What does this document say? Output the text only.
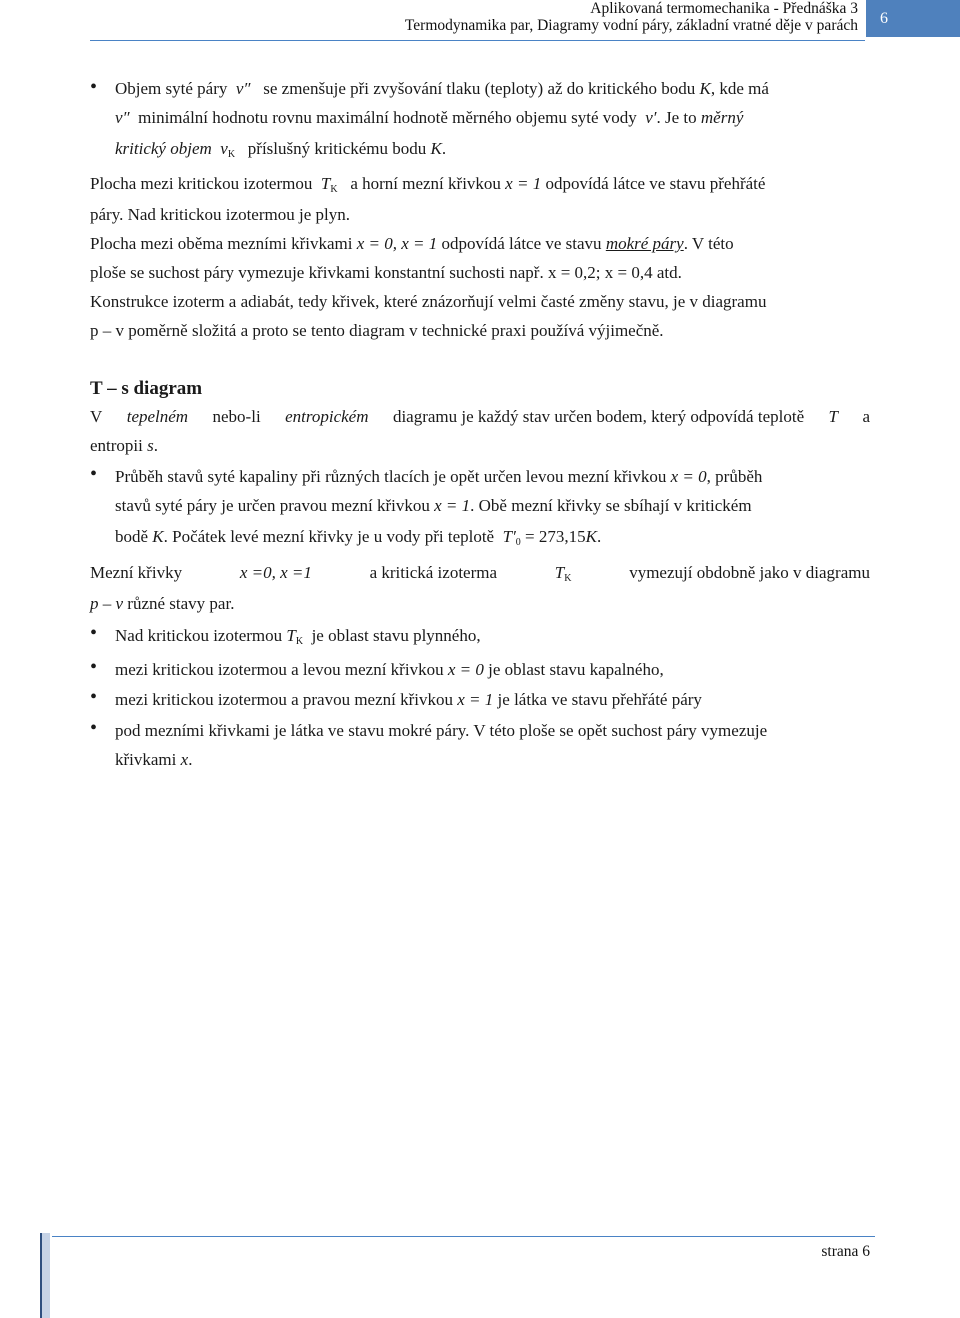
Aplikovaná termomechanika - Přednáška 3
Termodynamika par, Diagramy vodní páry, základní vratné děje v parách	6
• Objem syté páry v″ se zmenšuje při zvyšování tlaku (teploty) až do kritického bodu K, kde má
v″ minimální hodnotu rovnu maximální hodnotě měrného objemu syté vody v′. Je to měrný
kritický objem $v_K$ příslušný kritickému bodu K.
Plocha mezi kritickou izotermou $T_K$ a horní mezní křivkou x = 1 odpovídá látce ve stavu přehřáté
páry. Nad kritickou izotermou je plyn.
Plocha mezi oběma mezními křivkami x = 0, x = 1 odpovídá látce ve stavu mokré páry. V této
ploše se suchost páry vymezuje křivkami konstantní suchosti např. x = 0,2; x = 0,4 atd.
Konstrukce izoterm a adiabát, tedy křivek, které znázorňují velmi časté změny stavu, je v diagramu
p – v poměrně složitá a proto se tento diagram v technické praxi používá výjimečně.
T – s diagram
V tepelném nebo-li entropickém diagramu je každý stav určen bodem, který odpovídá teplotě T a
entropii s.
• Průběh stavů syté kapaliny při různých tlacích je opět určen levou mezní křivkou x = 0, průběh
stavů syté páry je určen pravou mezní křivkou x = 1. Obě mezní křivky se sbíhají v kritickém
bodě K. Počátek levé mezní křivky je u vody při teplotě $T'_0 = 273,15K$.
Mezní křivky	x =0, x =1	a kritická izoterma	$T_K$	vymezují obdobně jako v diagramu
p – v různé stavy par.
• Nad kritickou izotermou $T_K$ je oblast stavu plynného,
• mezi kritickou izotermou a levou mezní křivkou x = 0 je oblast stavu kapalného,
• mezi kritickou izotermou a pravou mezní křivkou x = 1 je látka ve stavu přehřáté páry
• pod mezními křivkami je látka ve stavu mokré páry. V této ploše se opět suchost páry vymezuje
křivkami x.
strana 6
